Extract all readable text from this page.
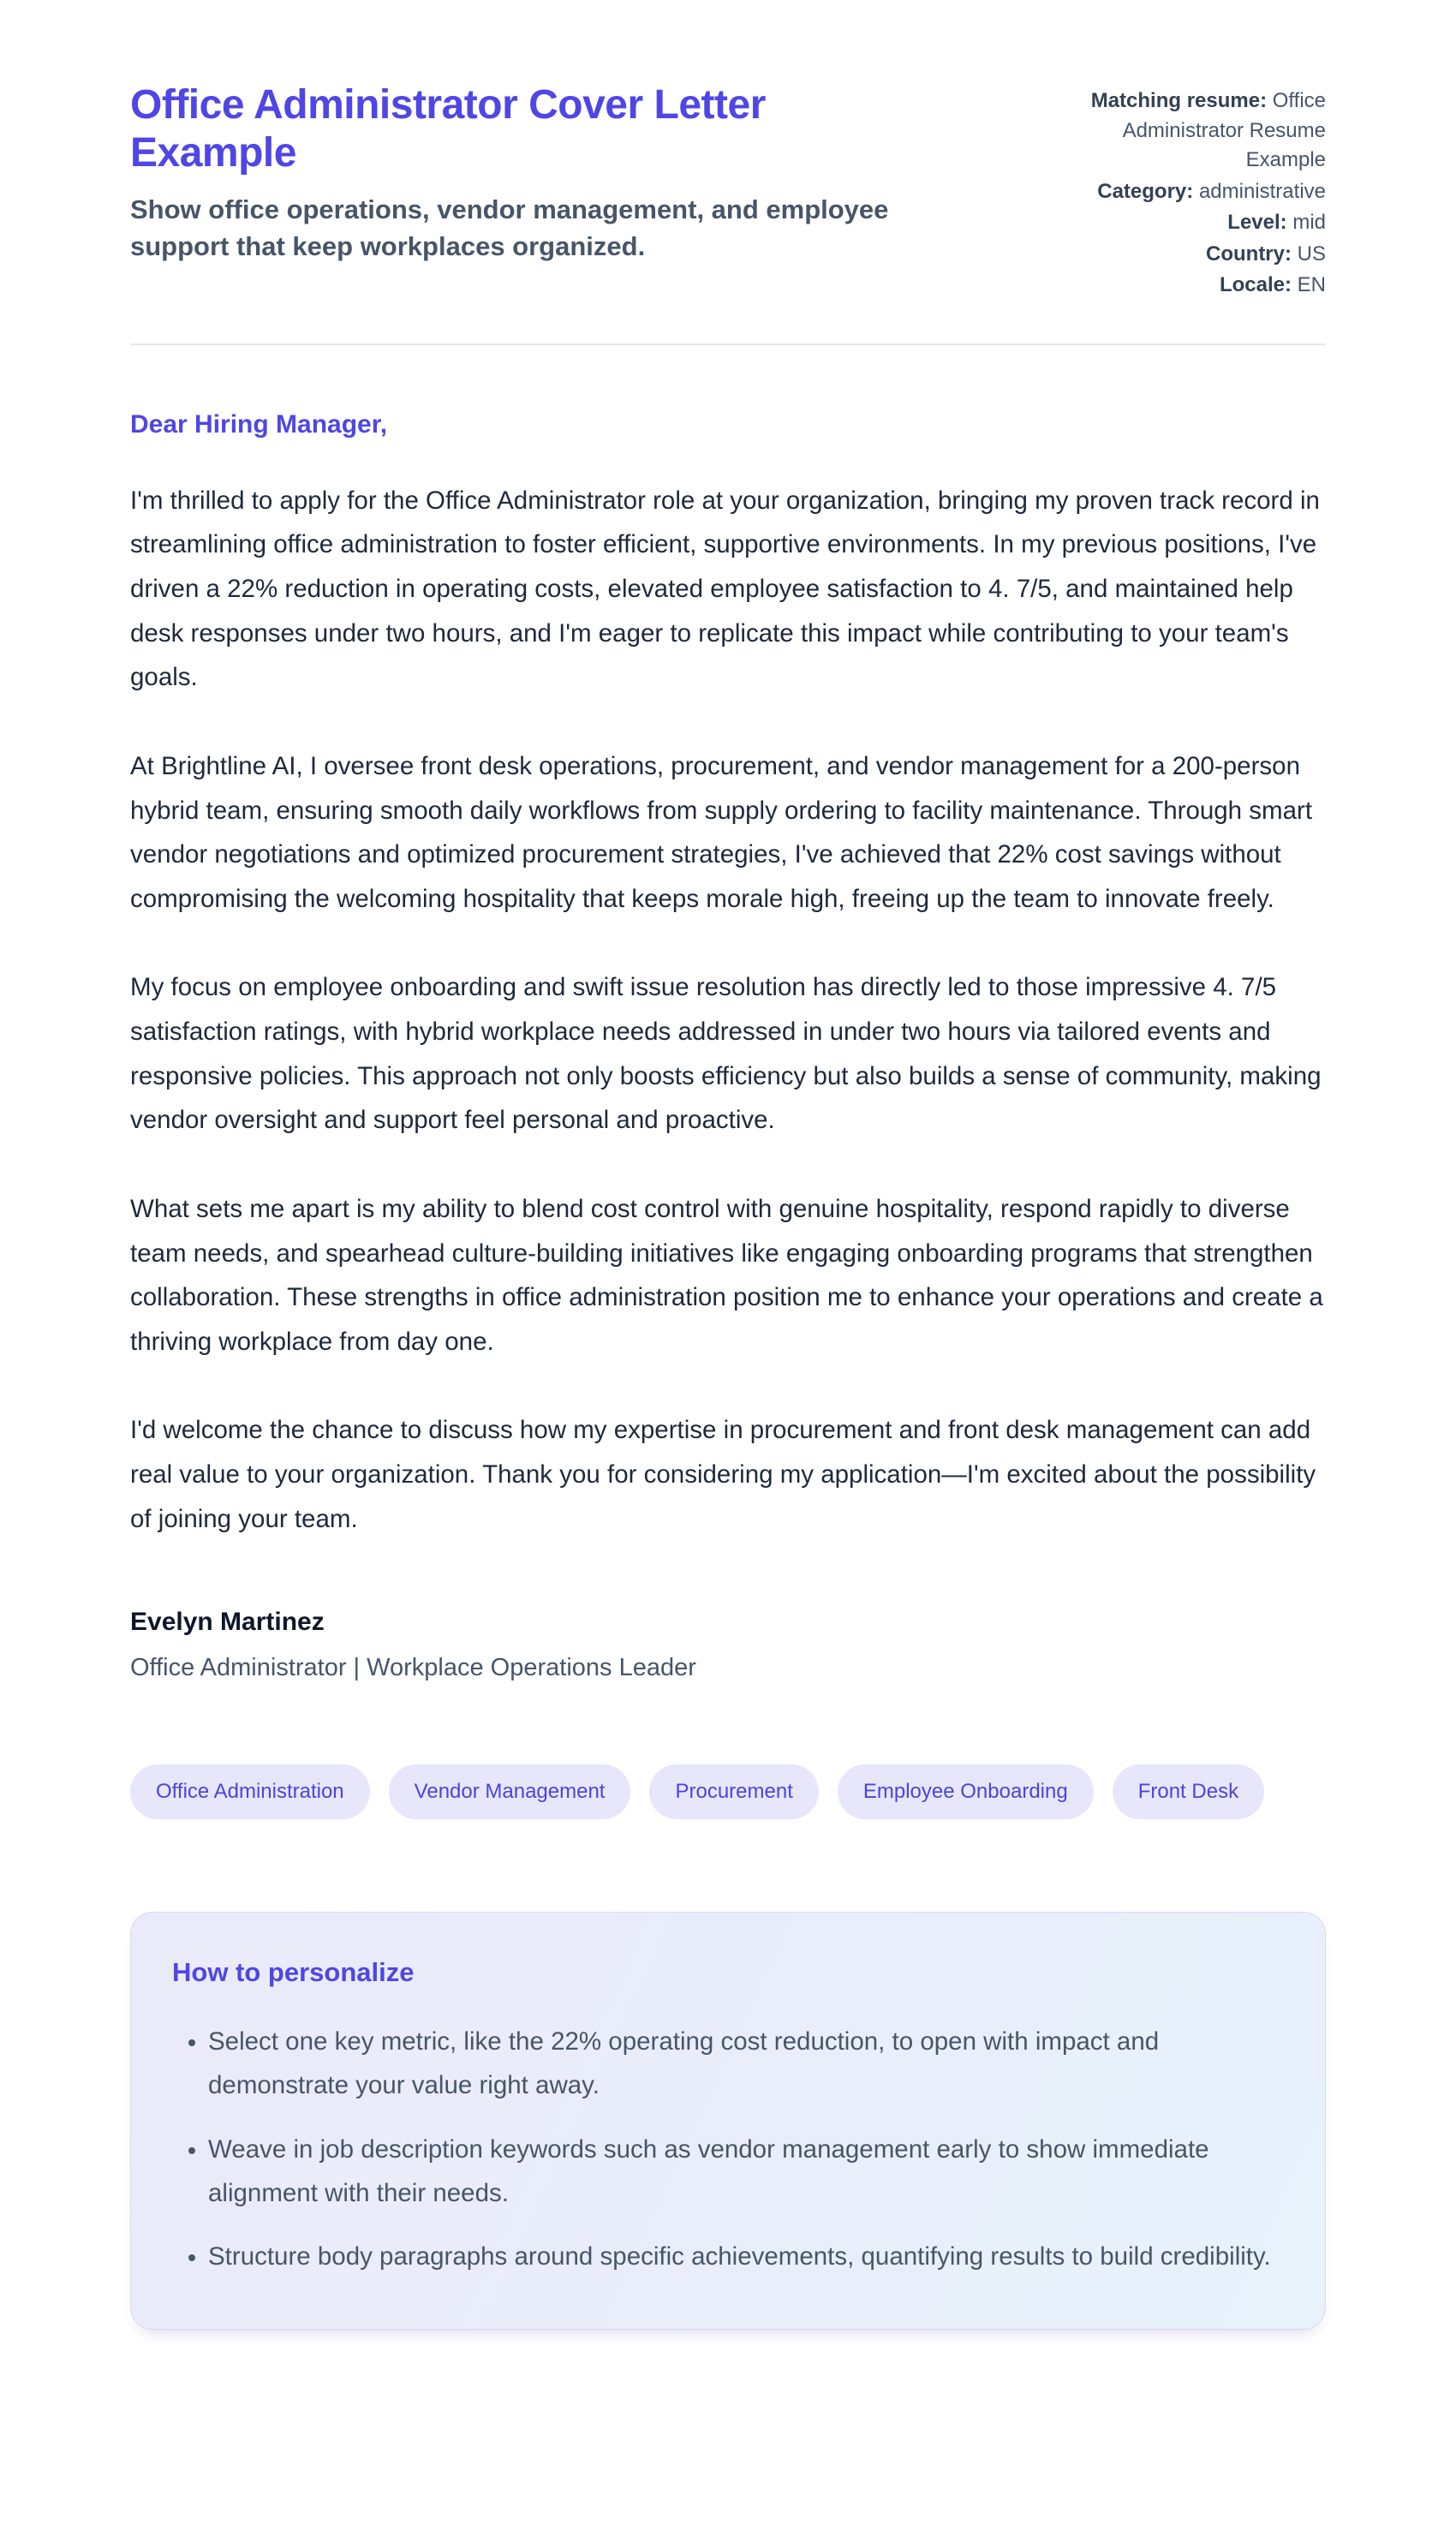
Office Administrator Cover Letter Example
Show office operations, vendor management, and employee support that keep workplaces organized.
Matching resume: Office Administrator Resume Example
Category: administrative
Level: mid
Country: US
Locale: EN
Dear Hiring Manager,

I'm thrilled to apply for the Office Administrator role at your organization, bringing my proven track record in streamlining office administration to foster efficient, supportive environments. In my previous positions, I've driven a 22% reduction in operating costs, elevated employee satisfaction to 4. 7/5, and maintained help desk responses under two hours, and I'm eager to replicate this impact while contributing to your team's goals.

At Brightline AI, I oversee front desk operations, procurement, and vendor management for a 200-person hybrid team, ensuring smooth daily workflows from supply ordering to facility maintenance. Through smart vendor negotiations and optimized procurement strategies, I've achieved that 22% cost savings without compromising the welcoming hospitality that keeps morale high, freeing up the team to innovate freely.

My focus on employee onboarding and swift issue resolution has directly led to those impressive 4. 7/5 satisfaction ratings, with hybrid workplace needs addressed in under two hours via tailored events and responsive policies. This approach not only boosts efficiency but also builds a sense of community, making vendor oversight and support feel personal and proactive.

What sets me apart is my ability to blend cost control with genuine hospitality, respond rapidly to diverse team needs, and spearhead culture-building initiatives like engaging onboarding programs that strengthen collaboration. These strengths in office administration position me to enhance your operations and create a thriving workplace from day one.

I'd welcome the chance to discuss how my expertise in procurement and front desk management can add real value to your organization. Thank you for considering my application—I'm excited about the possibility of joining your team.

Evelyn Martinez
Office Administrator | Workplace Operations Leader
Office Administration	Vendor Management	Procurement	Employee Onboarding	Front Desk
How to personalize
• Select one key metric, like the 22% operating cost reduction, to open with impact and demonstrate your value right away.
• Weave in job description keywords such as vendor management early to show immediate alignment with their needs.
• Structure body paragraphs around specific achievements, quantifying results to build credibility.
